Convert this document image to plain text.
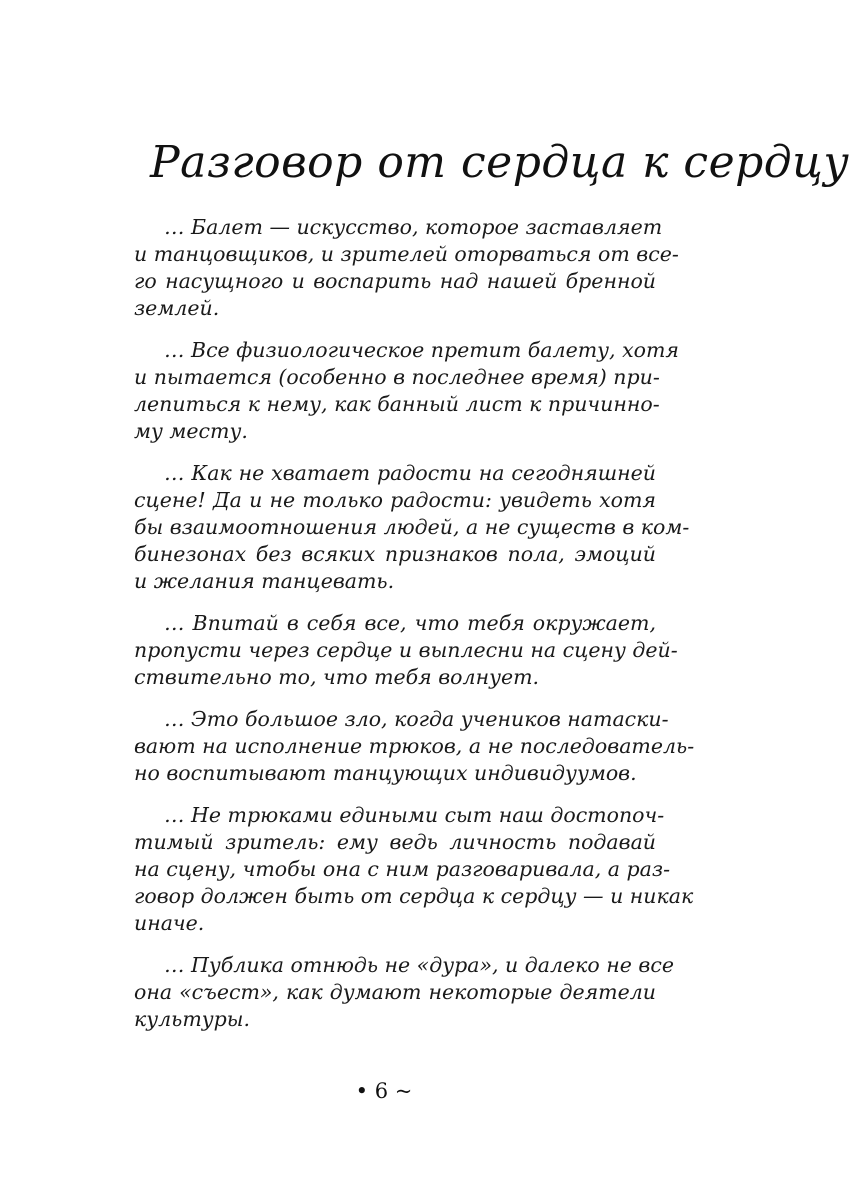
Разговор от сердца к сердцу

… Балет — искусство, которое заставляет
и танцовщиков, и зрителей оторваться от все-
го насущного и воспарить над нашей бренной
землей.

… Все физиологическое претит балету, хотя
и пытается (особенно в последнее время) при-
лепиться к нему, как банный лист к причинно-
му месту.

… Как не хватает радости на сегодняшней
сцене! Да и не только радости: увидеть хотя
бы взаимоотношения людей, а не существ в ком-
бинезонах без всяких признаков пола, эмоций
и желания танцевать.

… Впитай в себя все, что тебя окружает,
пропусти через сердце и выплесни на сцену дей-
ствительно то, что тебя волнует.

… Это большое зло, когда учеников натаски-
вают на исполнение трюков, а не последователь-
но воспитывают танцующих индивидуумов.

… Не трюками едиными сыт наш достопоч-
тимый зритель: ему ведь личность подавай
на сцену, чтобы она с ним разговаривала, а раз-
говор должен быть от сердца к сердцу — и никак
иначе.

… Публика отнюдь не «дура», и далеко не все
она «съест», как думают некоторые деятели
культуры.

• 6 ~
